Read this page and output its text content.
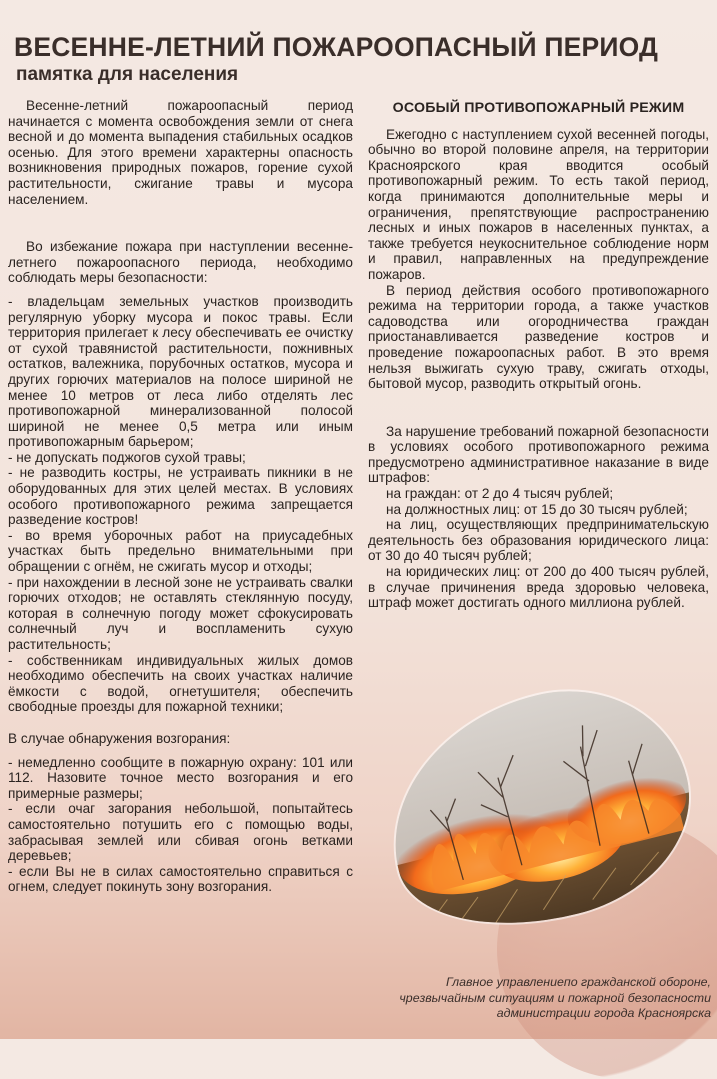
ВЕСЕННЕ-ЛЕТНИЙ ПОЖАРООПАСНЫЙ ПЕРИОД
памятка для населения

Весенне-летний пожароопасный период начинается с момента освобождения земли от снега весной и до момента выпадения стабильных осадков осенью. Для этого времени характерны опасность возникновения природных пожаров, горение сухой растительности, сжигание травы и мусора населением.

Во избежание пожара при наступлении весенне-летнего пожароопасного периода, необходимо соблюдать меры безопасности:

- владельцам земельных участков производить регулярную уборку мусора и покос травы. Если территория прилегает к лесу обеспечивать ее очистку от сухой травянистой растительности, пожнивных остатков, валежника, порубочных остатков, мусора и других горючих материалов на полосе шириной не менее 10 метров от леса либо отделять лес противопожарной минерализованной полосой шириной не менее 0,5 метра или иным противопожарным барьером;

- не допускать поджогов сухой травы;

- не разводить костры, не устраивать пикники в не оборудованных для этих целей местах. В условиях особого противопожарного режима запрещается разведение костров!

- во время уборочных работ на приусадебных участках быть предельно внимательными при обращении с огнём, не сжигать мусор и отходы;

- при нахождении в лесной зоне не устраивать свалки горючих отходов; не оставлять стеклянную посуду, которая в солнечную погоду может сфокусировать солнечный луч и воспламенить сухую растительность;

- собственникам индивидуальных жилых домов необходимо обеспечить на своих участках наличие ёмкости с водой, огнетушителя; обеспечить свободные проезды для пожарной техники;

В случае обнаружения возгорания:

- немедленно сообщите в пожарную охрану: 101 или 112. Назовите точное место возгорания и его примерные размеры;

- если очаг загорания небольшой, попытайтесь самостоятельно потушить его с помощью воды, забрасывая землей или сбивая огонь ветками деревьев;

- если Вы не в силах самостоятельно справиться с огнем, следует покинуть зону возгорания.

ОСОБЫЙ ПРОТИВОПОЖАРНЫЙ РЕЖИМ

Ежегодно с наступлением сухой весенней погоды, обычно во второй половине апреля, на территории Красноярского края вводится особый противопожарный режим. То есть такой период, когда принимаются дополнительные меры и ограничения, препятствующие распространению лесных и иных пожаров в населенных пунктах, а также требуется неукоснительное соблюдение норм и правил, направленных на предупреждение пожаров.

В период действия особого противопожарного режима на территории города, а также участков садоводства или огородничества граждан приостанавливается разведение костров и проведение пожароопасных работ. В это время нельзя выжигать сухую траву, сжигать отходы, бытовой мусор, разводить открытый огонь.

За нарушение требований пожарной безопасности в условиях особого противопожарного режима предусмотрено административное наказание в виде штрафов:

на граждан: от 2 до 4 тысяч рублей;

на должностных лиц: от 15 до 30 тысяч рублей;

на лиц, осуществляющих предпринимательскую деятельность без образования юридического лица: от 30 до 40 тысяч рублей;

на юридических лиц: от 200 до 400 тысяч рублей, в случае причинения вреда здоровью человека, штраф может достигать одного миллиона рублей.

Главное управлениепо гражданской обороне, чрезвычайным ситуациям и пожарной безопасности администрации города Красноярска
